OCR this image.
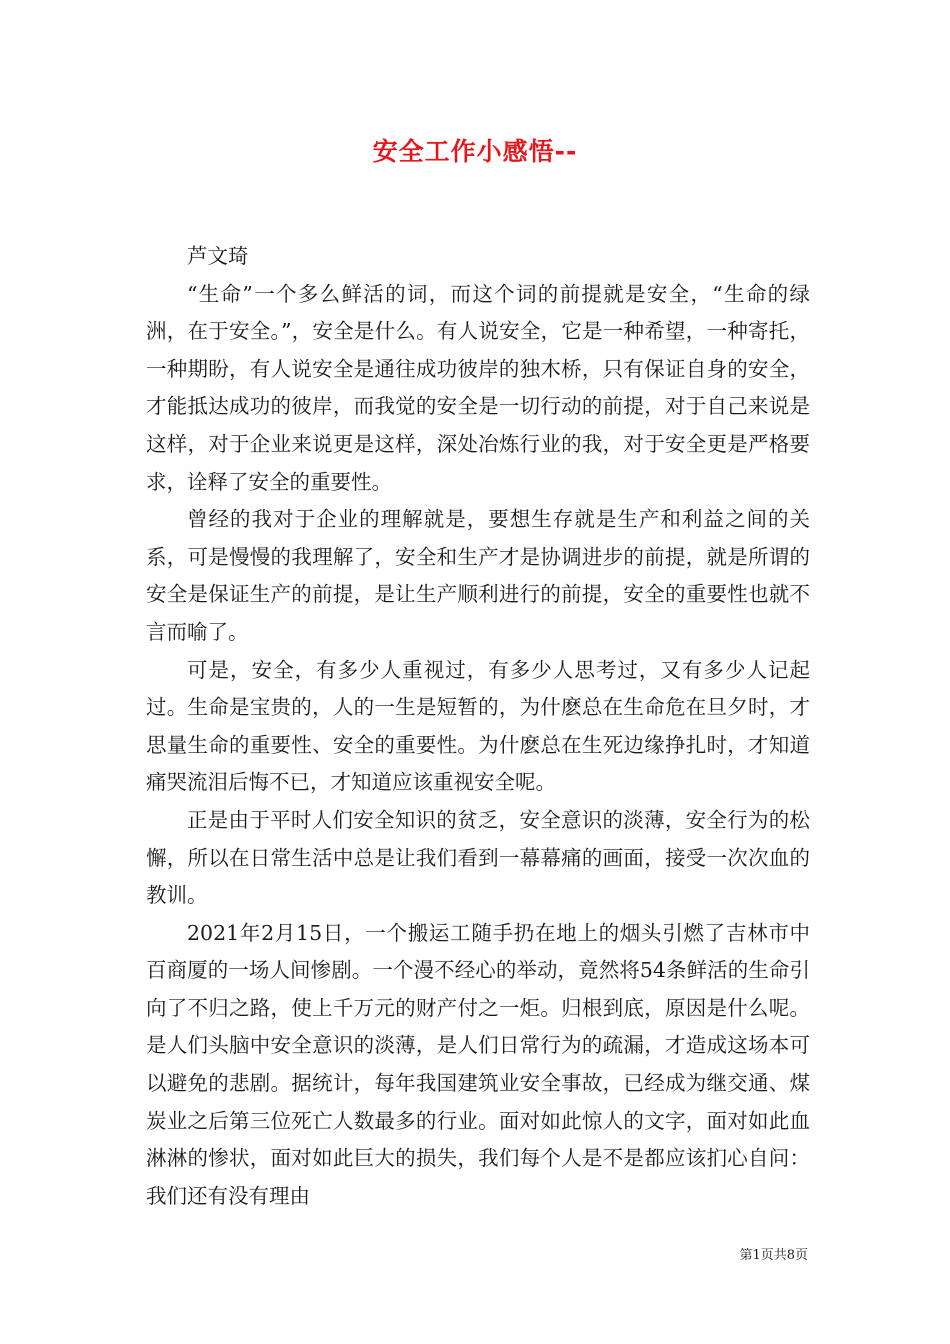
安全工作小感悟--

芦文琦

“生命”一个多么鲜活的词，而这个词的前提就是安全，“生命的绿洲，在于安全。”，安全是什么。有人说安全，它是一种希望，一种寄托，一种期盼，有人说安全是通往成功彼岸的独木桥，只有保证自身的安全，才能抵达成功的彼岸，而我觉的安全是一切行动的前提，对于自己来说是这样，对于企业来说更是这样，深处冶炼行业的我，对于安全更是严格要求，诠释了安全的重要性。

曾经的我对于企业的理解就是，要想生存就是生产和利益之间的关系，可是慢慢的我理解了，安全和生产才是协调进步的前提，就是所谓的安全是保证生产的前提，是让生产顺利进行的前提，安全的重要性也就不言而喻了。

可是，安全，有多少人重视过，有多少人思考过，又有多少人记起过。生命是宝贵的，人的一生是短暂的，为什麽总在生命危在旦夕时，才思量生命的重要性、安全的重要性。为什麽总在生死边缘挣扎时，才知道痛哭流泪后悔不已，才知道应该重视安全呢。

正是由于平时人们安全知识的贫乏，安全意识的淡薄，安全行为的松懈，所以在日常生活中总是让我们看到一幕幕痛的画面，接受一次次血的教训。

2021年2月15日，一个搬运工随手扔在地上的烟头引燃了吉林市中百商厦的一场人间惨剧。一个漫不经心的举动，竟然将54条鲜活的生命引向了不归之路，使上千万元的财产付之一炬。归根到底，原因是什么呢。是人们头脑中安全意识的淡薄，是人们日常行为的疏漏，才造成这场本可以避免的悲剧。据统计，每年我国建筑业安全事故，已经成为继交通、煤炭业之后第三位死亡人数最多的行业。面对如此惊人的文字，面对如此血淋淋的惨状，面对如此巨大的损失，我们每个人是不是都应该扪心自问：我们还有没有理由

第1页共8页
